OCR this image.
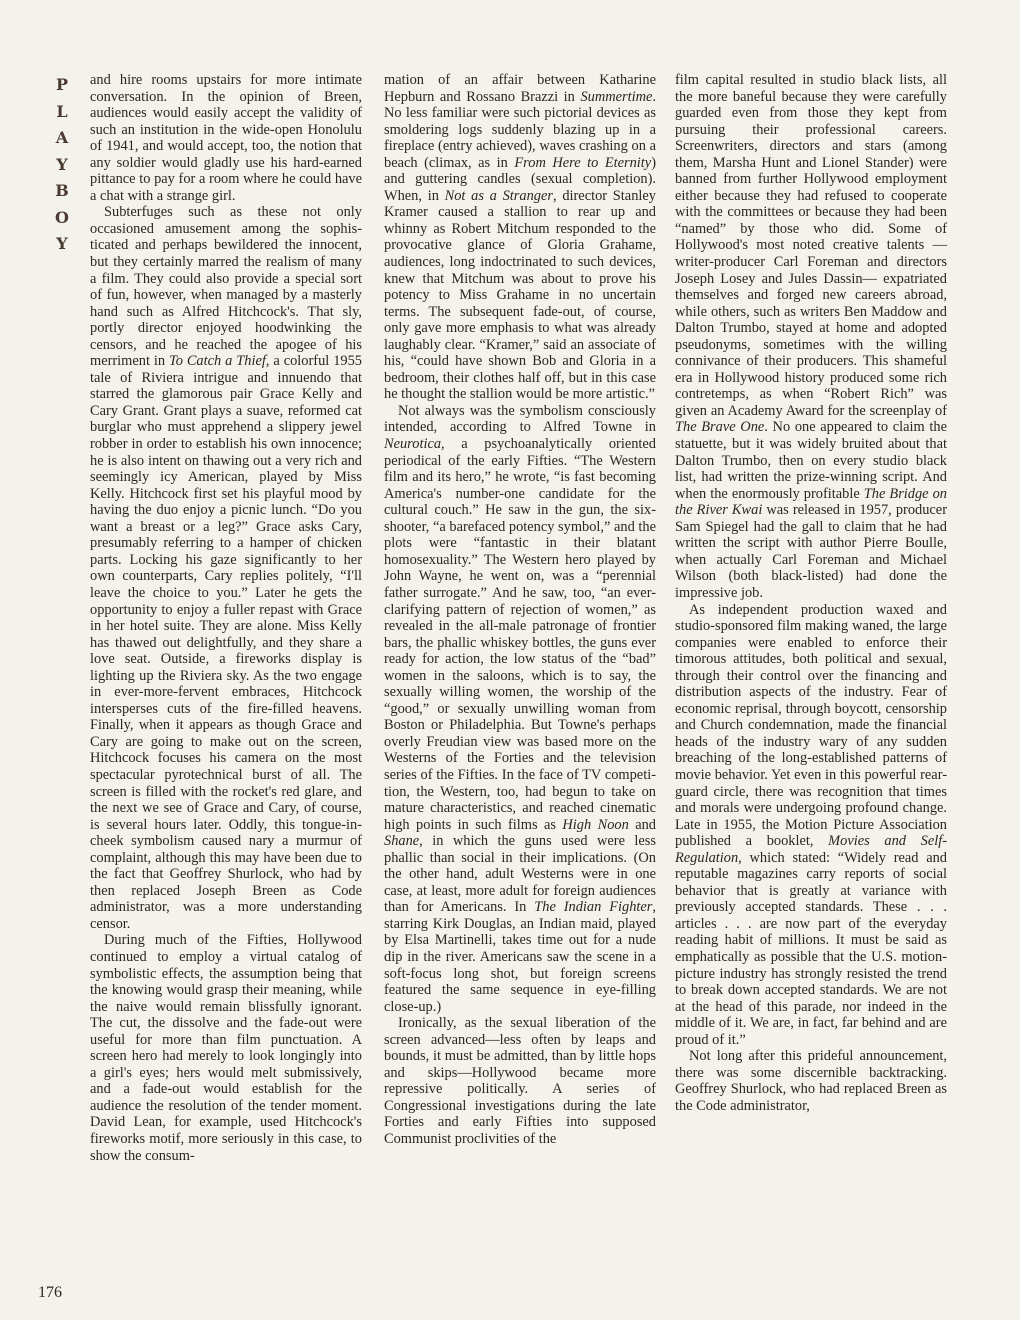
P
L
A
Y
B
O
Y
176

and hire rooms upstairs for more intimate conversation. In the opinion of Breen, audiences would easily accept the validity of such an institution in the wide-open Honolulu of 1941, and would accept, too, the notion that any soldier would gladly use his hard-earned pittance to pay for a room where he could have a chat with a strange girl.

Subterfuges such as these not only occasioned amusement among the sophisticated and perhaps bewildered the innocent, but they certainly marred the realism of many a film. They could also provide a special sort of fun, however, when managed by a masterly hand such as Alfred Hitchcock's. That sly, portly director enjoyed hoodwinking the censors, and he reached the apogee of his merriment in To Catch a Thief, a colorful 1955 tale of Riviera intrigue and innuendo that starred the glamorous pair Grace Kelly and Cary Grant. Grant plays a suave, reformed cat burglar who must apprehend a slippery jewel robber in order to establish his own innocence; he is also intent on thawing out a very rich and seemingly icy American, played by Miss Kelly. Hitchcock first set his playful mood by having the duo enjoy a picnic lunch. “Do you want a breast or a leg?” Grace asks Cary, presumably referring to a hamper of chicken parts. Locking his gaze significantly to her own counterparts, Cary replies politely, “I'll leave the choice to you.” Later he gets the opportunity to enjoy a fuller repast with Grace in her hotel suite. They are alone. Miss Kelly has thawed out delightfully, and they share a love seat. Outside, a fireworks display is lighting up the Riviera sky. As the two engage in ever-more-fervent embraces, Hitchcock intersperses cuts of the fire-filled heavens. Finally, when it appears as though Grace and Cary are going to make out on the screen, Hitchcock focuses his camera on the most spectacular pyrotechnical burst of all. The screen is filled with the rocket's red glare, and the next we see of Grace and Cary, of course, is several hours later. Oddly, this tongue-in-cheek symbolism caused nary a murmur of complaint, although this may have been due to the fact that Geoffrey Shurlock, who had by then replaced Joseph Breen as Code administrator, was a more understanding censor.

During much of the Fifties, Hollywood continued to employ a virtual catalog of symbolistic effects, the assumption being that the knowing would grasp their meaning, while the naive would remain blissfully ignorant. The cut, the dissolve and the fade-out were useful for more than film punctuation. A screen hero had merely to look longingly into a girl's eyes; hers would melt submissively, and a fade-out would establish for the audience the resolution of the tender moment. David Lean, for example, used Hitchcock's fireworks motif, more seriously in this case, to show the consum-

mation of an affair between Katharine Hepburn and Rossano Brazzi in Summertime. No less familiar were such pictorial devices as smoldering logs suddenly blazing up in a fireplace (entry achieved), waves crashing on a beach (climax, as in From Here to Eternity) and guttering candles (sexual completion). When, in Not as a Stranger, director Stanley Kramer caused a stallion to rear up and whinny as Robert Mitchum responded to the provocative glance of Gloria Grahame, audiences, long indoctrinated to such devices, knew that Mitchum was about to prove his potency to Miss Grahame in no uncertain terms. The subsequent fade-out, of course, only gave more emphasis to what was already laughably clear. “Kramer,” said an associate of his, “could have shown Bob and Gloria in a bedroom, their clothes half off, but in this case he thought the stallion would be more artistic.”

Not always was the symbolism consciously intended, according to Alfred Towne in Neurotica, a psychoanalytically oriented periodical of the early Fifties. “The Western film and its hero,” he wrote, “is fast becoming America's number-one candidate for the cultural couch.” He saw in the gun, the six-shooter, “a barefaced potency symbol,” and the plots were “fantastic in their blatant homosexuality.” The Western hero played by John Wayne, he went on, was a “perennial father surrogate.” And he saw, too, “an ever-clarifying pattern of rejection of women,” as revealed in the all-male patronage of frontier bars, the phallic whiskey bottles, the guns ever ready for action, the low status of the “bad” women in the saloons, which is to say, the sexually willing women, the worship of the “good,” or sexually unwilling woman from Boston or Philadelphia. But Towne's perhaps overly Freudian view was based more on the Westerns of the Forties and the television series of the Fifties. In the face of TV competition, the Western, too, had begun to take on mature characteristics, and reached cinematic high points in such films as High Noon and Shane, in which the guns used were less phallic than social in their implications. (On the other hand, adult Westerns were in one case, at least, more adult for foreign audiences than for Americans. In The Indian Fighter, starring Kirk Douglas, an Indian maid, played by Elsa Martinelli, takes time out for a nude dip in the river. Americans saw the scene in a soft-focus long shot, but foreign screens featured the same sequence in eye-filling close-up.)

Ironically, as the sexual liberation of the screen advanced—less often by leaps and bounds, it must be admitted, than by little hops and skips—Hollywood became more repressive politically. A series of Congressional investigations during the late Forties and early Fifties into supposed Communist proclivities of the

film capital resulted in studio black lists, all the more baneful because they were carefully guarded even from those they kept from pursuing their professional careers. Screenwriters, directors and stars (among them, Marsha Hunt and Lionel Stander) were banned from further Hollywood employment either because they had refused to cooperate with the committees or because they had been “named” by those who did. Some of Hollywood's most noted creative talents —writer-producer Carl Foreman and directors Joseph Losey and Jules Dassin— expatriated themselves and forged new careers abroad, while others, such as writers Ben Maddow and Dalton Trumbo, stayed at home and adopted pseudonyms, sometimes with the willing connivance of their producers. This shameful era in Hollywood history produced some rich contretemps, as when “Robert Rich” was given an Academy Award for the screenplay of The Brave One. No one appeared to claim the statuette, but it was widely bruited about that Dalton Trumbo, then on every studio black list, had written the prize-winning script. And when the enormously profitable The Bridge on the River Kwai was released in 1957, producer Sam Spiegel had the gall to claim that he had written the script with author Pierre Boulle, when actually Carl Foreman and Michael Wilson (both black-listed) had done the impressive job.

As independent production waxed and studio-sponsored film making waned, the large companies were enabled to enforce their timorous attitudes, both political and sexual, through their control over the financing and distribution aspects of the industry. Fear of economic reprisal, through boycott, censorship and Church condemnation, made the financial heads of the industry wary of any sudden breaching of the long-established patterns of movie behavior. Yet even in this powerful rear-guard circle, there was recognition that times and morals were undergoing profound change. Late in 1955, the Motion Picture Association published a booklet, Movies and Self-Regulation, which stated: “Widely read and reputable magazines carry reports of social behavior that is greatly at variance with previously accepted standards. These . . . articles . . . are now part of the everyday reading habit of millions. It must be said as emphatically as possible that the U.S. motion-picture industry has strongly resisted the trend to break down accepted standards. We are not at the head of this parade, nor indeed in the middle of it. We are, in fact, far behind and are proud of it.”

Not long after this prideful announcement, there was some discernible backtracking. Geoffrey Shurlock, who had replaced Breen as the Code administrator,
